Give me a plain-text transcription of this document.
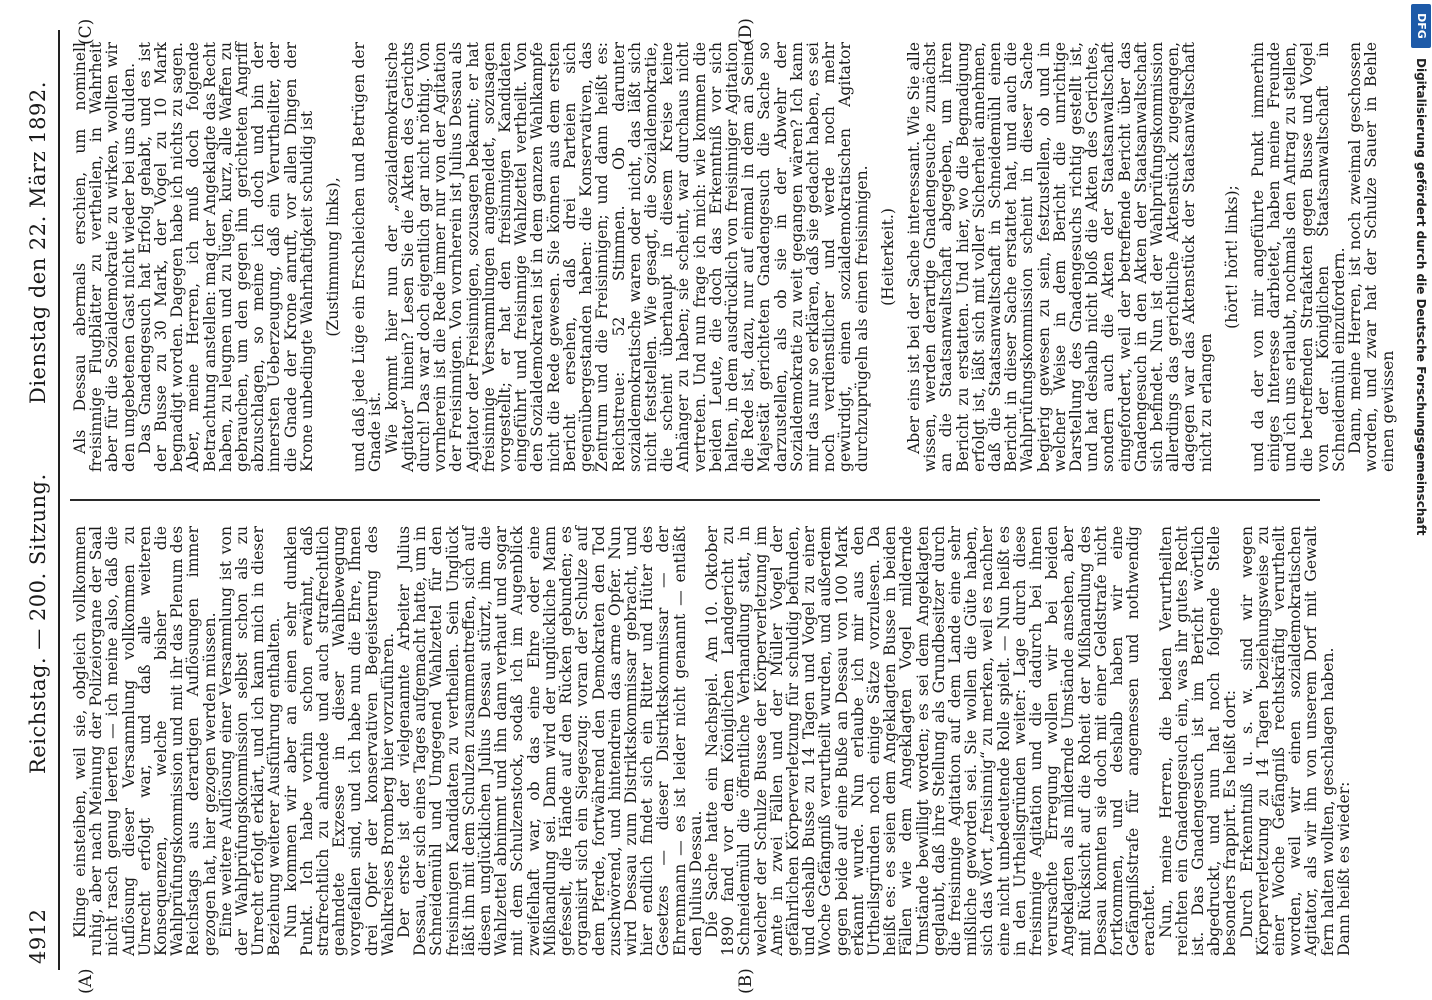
4912
Reichstag. — 200. Sitzung.
Dienstag den 22. März 1892.
(A)	(B)
(C)	(D)

Klinge einsteiben, weil sie, obgleich vollkommen ruhig, aber nach Meinung der Polizeiorgane der Saal nicht rasch genug leerten — ich meine also, daß die Auflösung dieser Versammlung vollkommen zu Unrecht erfolgt war, und daß alle weiteren Konsequenzen, welche bisher die Wahlprüfungskommission und mit ihr das Plenum des Reichstags aus derartigen Auflösungen immer gezogen hat, hier gezogen werden müssen.

Eine weitere Auflösung einer Versammlung ist von der Wahlprüfungskommission selbst schon als zu Unrecht erfolgt erklärt, und ich kann mich in dieser Beziehung weiterer Ausführung enthalten.

Nun kommen wir aber an einen sehr dunklen Punkt. Ich habe vorhin schon erwähnt, daß strafrechtlich zu ahndende und auch strafrechtlich geahndete Exzesse in dieser Wahlbewegung vorgefallen sind, und ich habe nun die Ehre, Ihnen drei Opfer der konservativen Begeisterung des Wahlkreises Bromberg hier vorzuführen.

Der erste ist der vielgenannte Arbeiter Julius Dessau, der sich eines Tages aufgemacht hatte, um in Schneidemühl und Umgegend Wahlzettel für den freisinnigen Kandidaten zu vertheilen. Sein Unglück läßt ihn mit dem Schulzen zusammentreffen, sich auf diesen unglücklichen Julius Dessau stürzt, ihm die Wahlzettel abnimmt und ihn dann verhaut und sogar mit dem Schulzenstock, sodaß ich im Augenblick zweifelhaft war, ob das eine Ehre oder eine Mißhandlung sei. Dann wird der unglückliche Mann gefesselt, die Hände auf den Rücken gebunden; es organisirt sich ein Siegeszug: voran der Schulze auf dem Pferde, fortwährend den Demokraten den Tod zuschwörend, und hintendrein das arme Opfer. Nun wird Dessau zum Distriktskommissar gebracht, und hier endlich findet sich ein Ritter und Hüter des Gesetzes — dieser Distriktskommissar — der Ehrenmann — es ist leider nicht genannt — entläßt den Julius Dessau.

Die Sache hatte ein Nachspiel. Am 10. Oktober 1890 fand vor dem Königlichen Landgericht zu Schneidemühl die öffentliche Verhandlung statt, in welcher der Schulze Busse der Körperverletzung im Amte in zwei Fällen und der Müller Vogel der gefährlichen Körperverletzung für schuldig befunden, und deshalb Busse zu 14 Tagen und Vogel zu einer Woche Gefängniß verurtheilt wurden, und außerdem gegen beide auf eine Buße an Dessau von 100 Mark erkannt wurde. Nun erlaube ich mir aus den Urtheilsgründen noch einige Sätze vorzulesen. Da heißt es: es seien dem Angeklagten Busse in beiden Fällen wie dem Angeklagten Vogel mildernde Umstände bewilligt worden; es sei dem Angeklagten geglaubt, daß ihre Stellung als Grundbesitzer durch die freisinnige Agitation auf dem Lande eine sehr mißliche geworden sei. Sie wollen die Güte haben, sich das Wort „freisinnig“ zu merken, weil es nachher eine nicht unbedeutende Rolle spielt. — Nun heißt es in den Urtheilsgründen weiter: Lage durch diese freisinnige Agitation und die dadurch bei ihnen verursachte Erregung wollen wir bei beiden Angeklagten als mildernde Umstände ansehen, aber mit Rücksicht auf die Roheit der Mißhandlung des Dessau konnten sie doch mit einer Geldstrafe nicht fortkommen, und deshalb haben wir eine Gefängnißstrafe für angemessen und nothwendig erachtet.

Nun, meine Herren, die beiden Verurtheilten reichten ein Gnadengesuch ein, was ihr gutes Recht ist. Das Gnadengesuch ist im Bericht wörtlich abgedruckt, und nun hat noch folgende Stelle besonders frappirt. Es heißt dort:

Durch Erkenntniß u. s. w. sind wir wegen Körperverletzung zu 14 Tagen beziehungsweise zu einer Woche Gefängniß rechtskräftig verurtheilt worden, weil wir einen sozialdemokratischen Agitator, als wir ihn von unserem Dorf mit Gewalt fern halten wollten, geschlagen haben.

Dann heißt es wieder:

Als Dessau abermals erschien, um nominell freisinnige Flugblätter zu vertheilen, in Wahrheit aber für die Sozialdemokratie zu wirken, wollten wir den ungebetenen Gast nicht wieder bei uns dulden.

Das Gnadengesuch hat Erfolg gehabt, und es ist der Busse zu 30 Mark, der Vogel zu 10 Mark begnadigt worden. Dagegen habe ich nichts zu sagen. Aber, meine Herren, ich muß doch folgende Betrachtung anstellen: mag der Angeklagte das Recht haben, zu leugnen und zu lügen, kurz, alle Waffen zu gebrauchen, um den gegen ihn gerichteten Angriff abzuschlagen, so meine ich doch und bin der innersten Ueberzeugung, daß ein Verurtheilter, der die Gnade der Krone anruft, vor allen Dingen der Krone unbedingte Wahrhaftigkeit schuldig ist (Zustimmung links), und daß jede Lüge ein Erschleichen und Betrügen der Gnade ist.

Wie kommt hier nun der „sozialdemokratische Agitator“ hinein? Lesen Sie die Akten des Gerichts durch! Das war doch eigentlich gar nicht nöthig. Von vornherein ist die Rede immer nur von der Agitation der Freisinnigen. Von vornherein ist Julius Dessau als Agitator der Freisinnigen, sozusagen bekannt; er hat freisinnige Versammlungen angemeldet, sozusagen vorgestellt; er hat den freisinnigen Kandidaten eingeführt und freisinnige Wahlzettel vertheilt. Von den Sozialdemokraten ist in dem ganzen Wahlkampfe nicht die Rede gewesen. Sie können aus dem ersten Bericht ersehen, daß drei Parteien sich gegenübergestanden haben: die Konservativen, das Zentrum und die Freisinnigen; und dann heißt es: Reichstreue: 52 Stimmen. Ob darunter sozialdemokratische waren oder nicht, das läßt sich nicht feststellen. Wie gesagt, die Sozialdemokratie, die scheint überhaupt in diesem Kreise keine Anhänger zu haben; sie scheint, war durchaus nicht vertreten. Und nun frage ich mich: wie kommen die beiden Leute, die doch das Erkenntniß vor sich halten, in dem ausdrücklich von freisinniger Agitation die Rede ist, dazu, nur auf einmal in dem an Seine Majestät gerichteten Gnadengesuch die Sache so darzustellen, als ob sie in der Abwehr der Sozialdemokratie zu weit gegangen wären? Ich kann mir das nur so erklären, daß sie gedacht haben, es sei noch verdienstlicher und werde noch mehr gewürdigt, einen sozialdemokratischen Agitator durchzuprügeln als einen freisinnigen. (Heiterkeit.) Aber eins ist bei der Sache interessant. Wie Sie alle wissen, werden derartige Gnadengesuche zunächst an die Staatsanwaltschaft abgegeben, um ihren Bericht zu erstatten. Und hier, wo die Begnadigung erfolgt ist, läßt sich mit voller Sicherheit annehmen, daß die Staatsanwaltschaft in Schneidemühl einen Bericht in dieser Sache erstattet hat, und auch die Wahlprüfungskommission scheint in dieser Sache begierig gewesen zu sein, festzustellen, ob und in welcher Weise in dem Bericht die unrichtige Darstellung des Gnadengesuchs richtig gestellt ist, und hat deshalb nicht bloß die Akten des Gerichtes, sondern auch die Akten der Staatsanwaltschaft eingefordert, weil der betreffende Bericht über das Gnadengesuch in den Akten der Staatsanwaltschaft sich befindet. Nun ist der Wahlprüfungskommission allerdings das gerichtliche Aktenstück zugegangen, dagegen war das Aktenstück der Staatsanwaltschaft nicht zu erlangen

(hört! hört! links); und da der von mir angeführte Punkt immerhin einiges Interesse darbietet, haben meine Freunde und ich uns erlaubt, nochmals den Antrag zu stellen, die betreffenden Strafakten gegen Busse und Vogel von der Königlichen Staatsanwaltschaft in Schneidemühl einzufordern.

Dann, meine Herren, ist noch zweimal geschossen worden, und zwar hat der Schulze Sauer in Behle einen gewissen	Digitalisierung gefördert durch die Deutsche Forschungsgemeinschaft
DFG
